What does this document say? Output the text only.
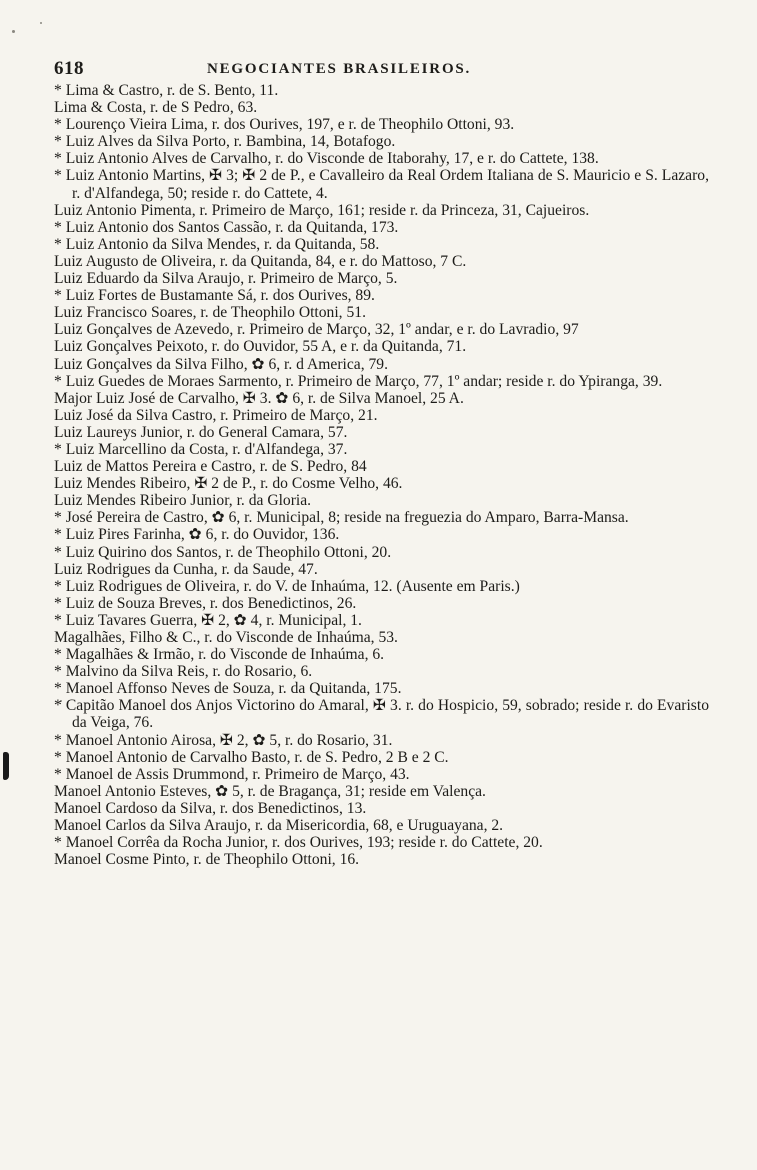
618	NEGOCIANTES BRASILEIROS.
* Lima & Castro, r. de S. Bento, 11.
Lima & Costa, r. de S Pedro, 63.
* Lourenço Vieira Lima, r. dos Ourives, 197, e r. de Theophilo Ottoni, 93.
* Luiz Alves da Silva Porto, r. Bambina, 14, Botafogo.
* Luiz Antonio Alves de Carvalho, r. do Visconde de Itaborahy, 17, e r. do Cattete, 138.
* Luiz Antonio Martins, ✠ 3; ✠ 2 de P., e Cavalleiro da Real Ordem Italiana de S. Mauricio e S. Lazaro, r. d'Alfandega, 50; reside r. do Cattete, 4.
Luiz Antonio Pimenta, r. Primeiro de Março, 161; reside r. da Princeza, 31, Cajueiros.
* Luiz Antonio dos Santos Cassão, r. da Quitanda, 173.
* Luiz Antonio da Silva Mendes, r. da Quitanda, 58.
Luiz Augusto de Oliveira, r. da Quitanda, 84, e r. do Mattoso, 7 C.
Luiz Eduardo da Silva Araujo, r. Primeiro de Março, 5.
* Luiz Fortes de Bustamante Sá, r. dos Ourives, 89.
Luiz Francisco Soares, r. de Theophilo Ottoni, 51.
Luiz Gonçalves de Azevedo, r. Primeiro de Março, 32, 1º andar, e r. do Lavradio, 97
Luiz Gonçalves Peixoto, r. do Ouvidor, 55 A, e r. da Quitanda, 71.
Luiz Gonçalves da Silva Filho, ✿ 6, r. d America, 79.
* Luiz Guedes de Moraes Sarmento, r. Primeiro de Março, 77, 1º andar; reside r. do Ypiranga, 39.
Major Luiz José de Carvalho, ✠ 3. ✿ 6, r. de Silva Manoel, 25 A.
Luiz José da Silva Castro, r. Primeiro de Março, 21.
Luiz Laureys Junior, r. do General Camara, 57.
* Luiz Marcellino da Costa, r. d'Alfandega, 37.
Luiz de Mattos Pereira e Castro, r. de S. Pedro, 84
Luiz Mendes Ribeiro, ✠ 2 de P., r. do Cosme Velho, 46.
Luiz Mendes Ribeiro Junior, r. da Gloria.
* José Pereira de Castro, ✿ 6, r. Municipal, 8; reside na freguezia do Amparo, Barra-Mansa.
* Luiz Pires Farinha, ✿ 6, r. do Ouvidor, 136.
* Luiz Quirino dos Santos, r. de Theophilo Ottoni, 20.
Luiz Rodrigues da Cunha, r. da Saude, 47.
* Luiz Rodrigues de Oliveira, r. do V. de Inhaúma, 12. (Ausente em Paris.)
* Luiz de Souza Breves, r. dos Benedictinos, 26.
* Luiz Tavares Guerra, ✠ 2, ✿ 4, r. Municipal, 1.
Magalhães, Filho & C., r. do Visconde de Inhaúma, 53.
* Magalhães & Irmão, r. do Visconde de Inhaúma, 6.
* Malvino da Silva Reis, r. do Rosario, 6.
* Manoel Affonso Neves de Souza, r. da Quitanda, 175.
* Capitão Manoel dos Anjos Victorino do Amaral, ✠ 3. r. do Hospicio, 59, sobrado; reside r. do Evaristo da Veiga, 76.
* Manoel Antonio Airosa, ✠ 2, ✿ 5, r. do Rosario, 31.
* Manoel Antonio de Carvalho Basto, r. de S. Pedro, 2 B e 2 C.
* Manoel de Assis Drummond, r. Primeiro de Março, 43.
Manoel Antonio Esteves, ✿ 5, r. de Bragança, 31; reside em Valença.
Manoel Cardoso da Silva, r. dos Benedictinos, 13.
Manoel Carlos da Silva Araujo, r. da Misericordia, 68, e Uruguayana, 2.
* Manoel Corrêa da Rocha Junior, r. dos Ourives, 193; reside r. do Cattete, 20.
Manoel Cosme Pinto, r. de Theophilo Ottoni, 16.
